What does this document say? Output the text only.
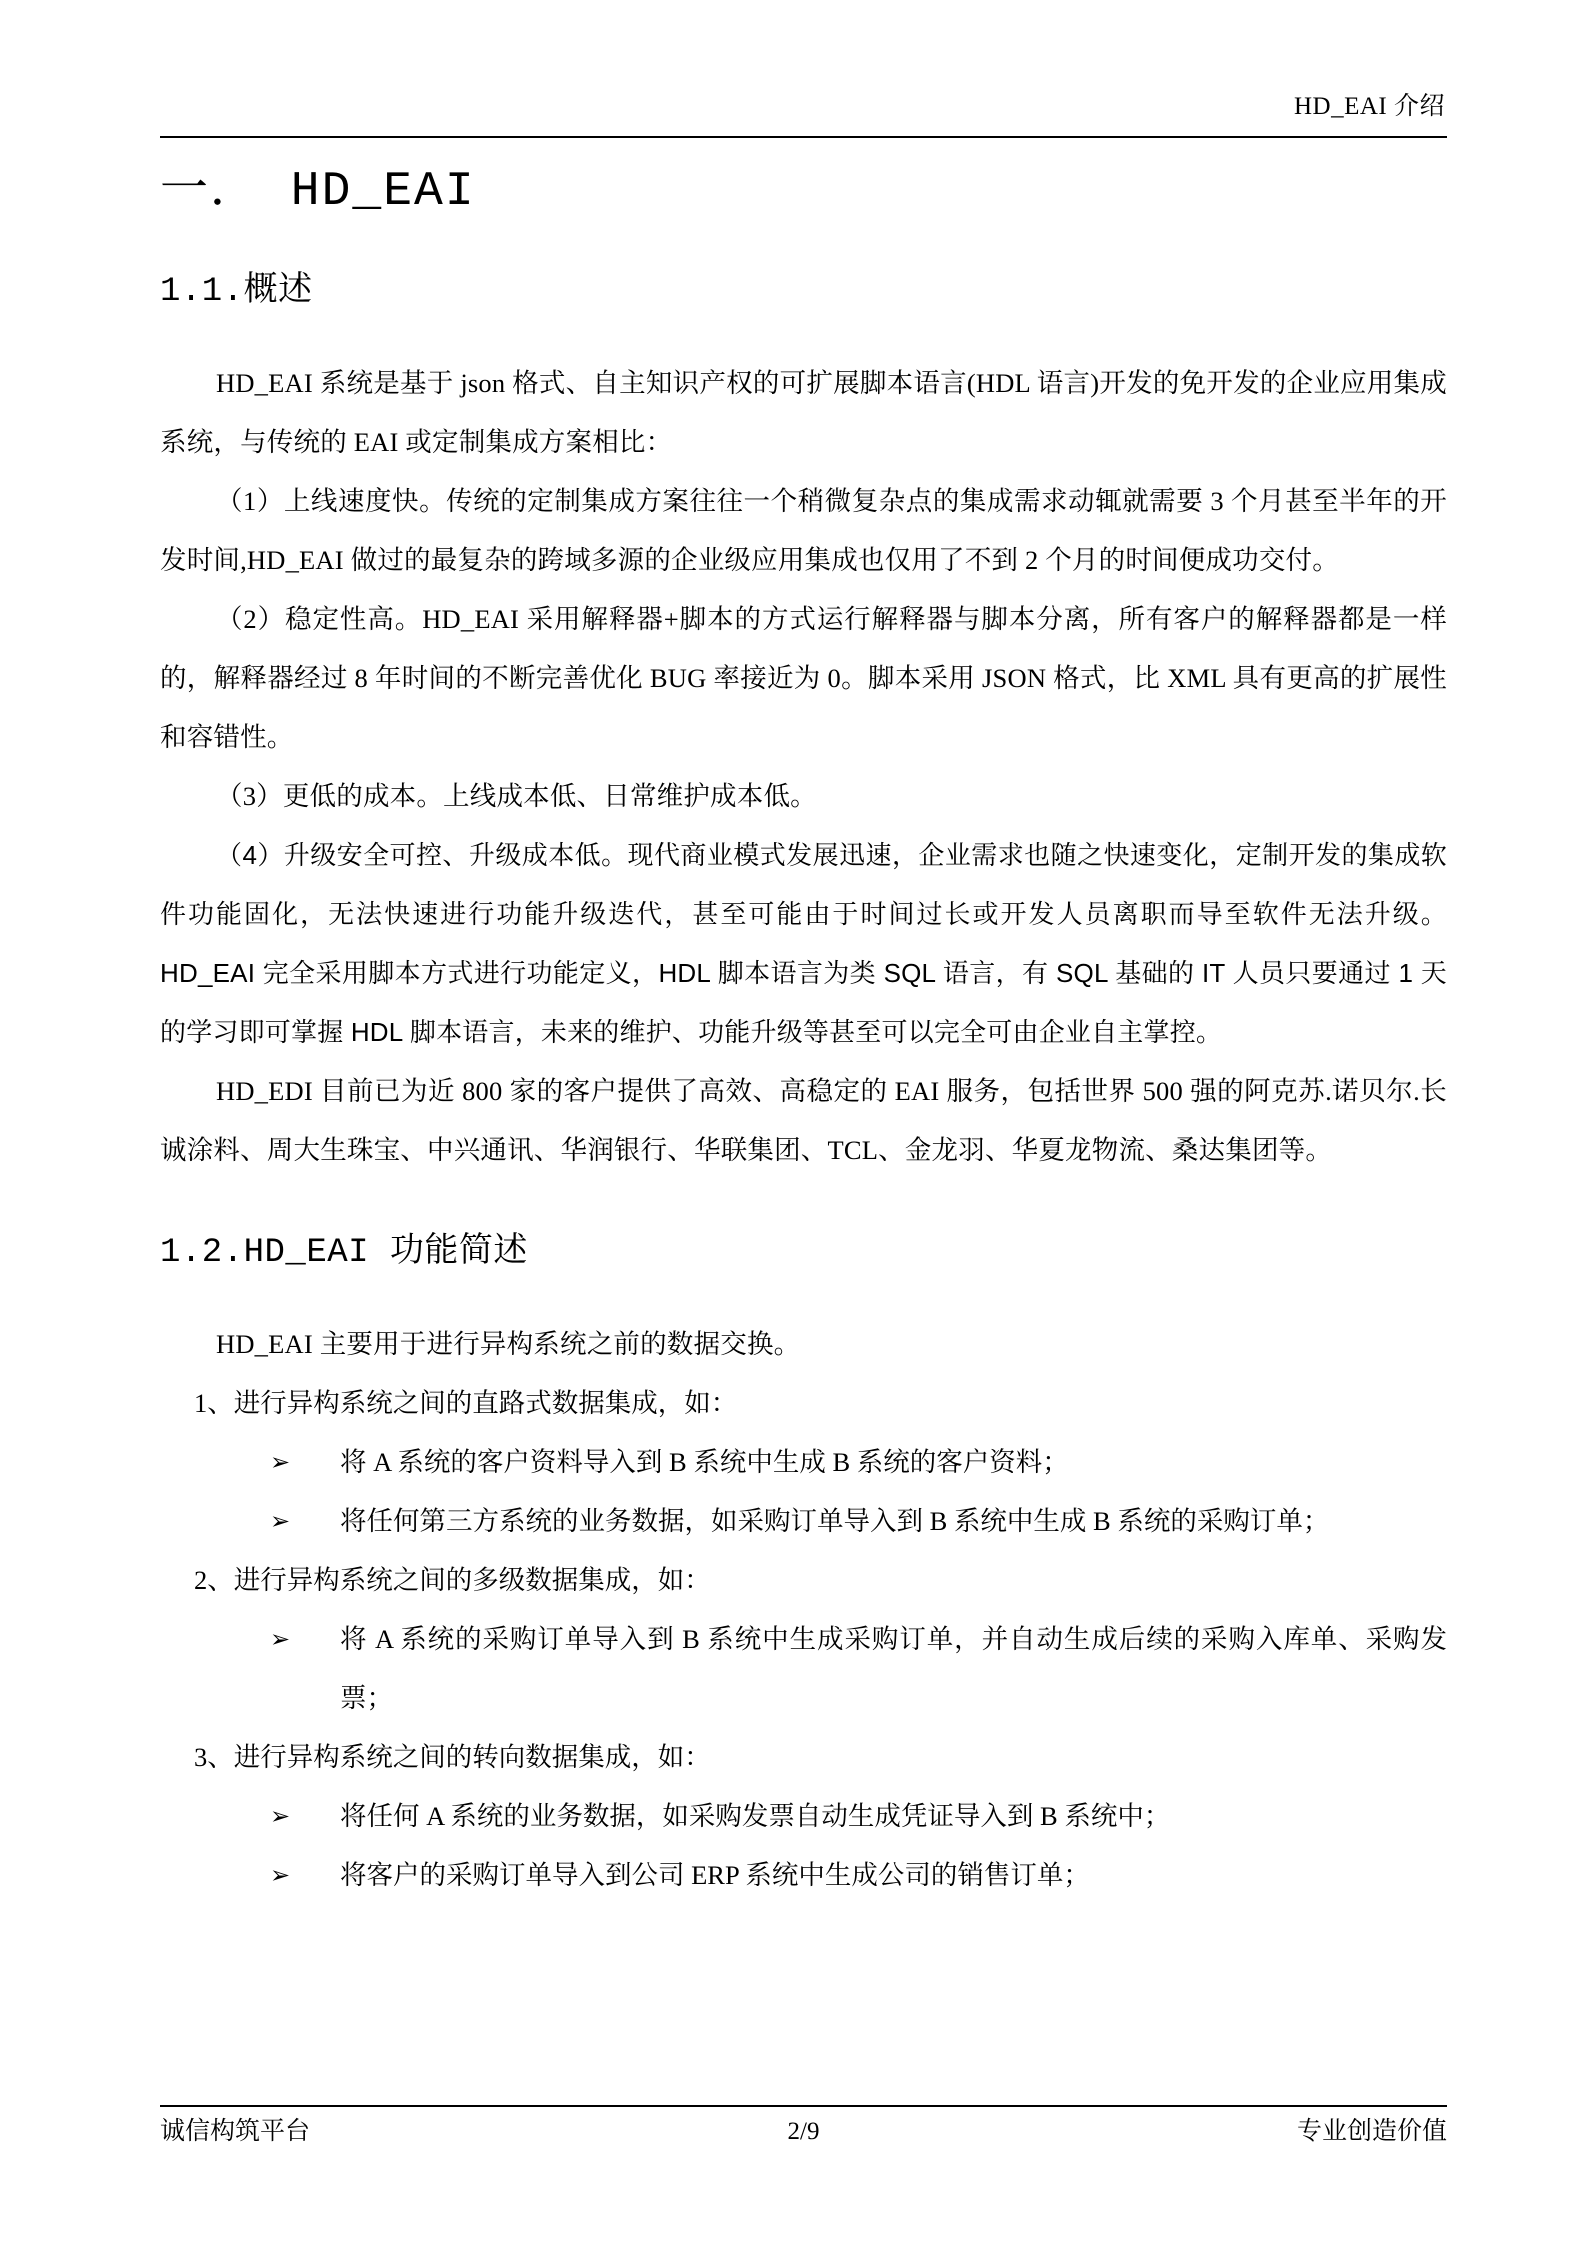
HD_EAI 介绍
一． HD_EAI
1.1.概述

HD_EAI 系统是基于 json 格式、自主知识产权的可扩展脚本语言(HDL 语言)开发的免开发的企业应用集成系统，与传统的 EAI 或定制集成方案相比：

（1）上线速度快。传统的定制集成方案往往一个稍微复杂点的集成需求动辄就需要 3 个月甚至半年的开发时间,HD_EAI 做过的最复杂的跨域多源的企业级应用集成也仅用了不到 2 个月的时间便成功交付。

（2）稳定性高。HD_EAI 采用解释器+脚本的方式运行解释器与脚本分离，所有客户的解释器都是一样的，解释器经过 8 年时间的不断完善优化 BUG 率接近为 0。脚本采用 JSON 格式，比 XML 具有更高的扩展性和容错性。

（3）更低的成本。上线成本低、日常维护成本低。

（4）升级安全可控、升级成本低。现代商业模式发展迅速，企业需求也随之快速变化，定制开发的集成软件功能固化，无法快速进行功能升级迭代，甚至可能由于时间过长或开发人员离职而导至软件无法升级。HD_EAI 完全采用脚本方式进行功能定义，HDL 脚本语言为类 SQL 语言，有 SQL 基础的 IT 人员只要通过 1 天的学习即可掌握 HDL 脚本语言，未来的维护、功能升级等甚至可以完全可由企业自主掌控。

HD_EDI 目前已为近 800 家的客户提供了高效、高稳定的 EAI 服务，包括世界 500 强的阿克苏.诺贝尔.长诚涂料、周大生珠宝、中兴通讯、华润银行、华联集团、TCL、金龙羽、华夏龙物流、桑达集团等。

1.2.HD_EAI 功能简述

HD_EAI 主要用于进行异构系统之前的数据交换。

1、进行异构系统之间的直路式数据集成，如：

➢ 将 A 系统的客户资料导入到 B 系统中生成 B 系统的客户资料；

➢ 将任何第三方系统的业务数据，如采购订单导入到 B 系统中生成 B 系统的采购订单；

2、进行异构系统之间的多级数据集成，如：

➢ 将 A 系统的采购订单导入到 B 系统中生成采购订单，并自动生成后续的采购入库单、采购发票；

3、进行异构系统之间的转向数据集成，如：

➢ 将任何 A 系统的业务数据，如采购发票自动生成凭证导入到 B 系统中；

➢ 将客户的采购订单导入到公司 ERP 系统中生成公司的销售订单；

诚信构筑平台	2/9	专业创造价值
